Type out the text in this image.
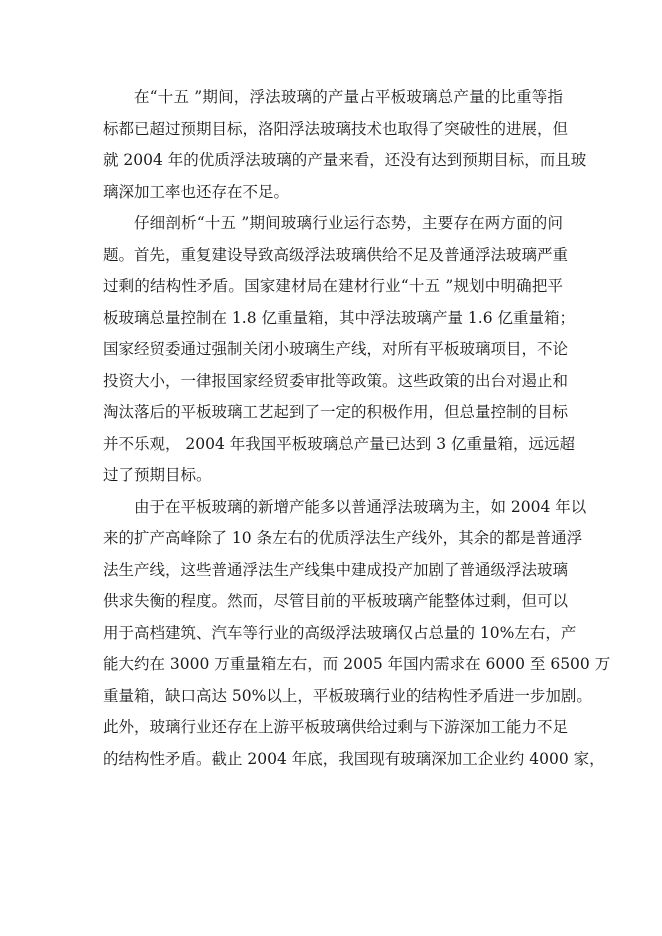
在“十五 ”期间，浮法玻璃的产量占平板玻璃总产量的比重等指
标都已超过预期目标，洛阳浮法玻璃技术也取得了突破性的进展，但
就 2004 年的优质浮法玻璃的产量来看，还没有达到预期目标，而且玻
璃深加工率也还存在不足。
仔细剖析“十五 ”期间玻璃行业运行态势，主要存在两方面的问
题。首先，重复建设导致高级浮法玻璃供给不足及普通浮法玻璃严重
过剩的结构性矛盾。国家建材局在建材行业“十五 ”规划中明确把平
板玻璃总量控制在 1.8 亿重量箱，其中浮法玻璃产量 1.6 亿重量箱；
国家经贸委通过强制关闭小玻璃生产线，对所有平板玻璃项目，不论
投资大小，一律报国家经贸委审批等政策。这些政策的出台对遏止和
淘汰落后的平板玻璃工艺起到了一定的积极作用，但总量控制的目标
并不乐观， 2004 年我国平板玻璃总产量已达到 3 亿重量箱，远远超
过了预期目标。
由于在平板玻璃的新增产能多以普通浮法玻璃为主，如 2004 年以
来的扩产高峰除了 10 条左右的优质浮法生产线外，其余的都是普通浮
法生产线，这些普通浮法生产线集中建成投产加剧了普通级浮法玻璃
供求失衡的程度。然而，尽管目前的平板玻璃产能整体过剩，但可以
用于高档建筑、汽车等行业的高级浮法玻璃仅占总量的 10%左右，产
能大约在 3000 万重量箱左右，而 2005 年国内需求在 6000 至 6500 万
重量箱，缺口高达 50%以上，平板玻璃行业的结构性矛盾进一步加剧。
此外，玻璃行业还存在上游平板玻璃供给过剩与下游深加工能力不足
的结构性矛盾。截止 2004 年底，我国现有玻璃深加工企业约 4000 家，
